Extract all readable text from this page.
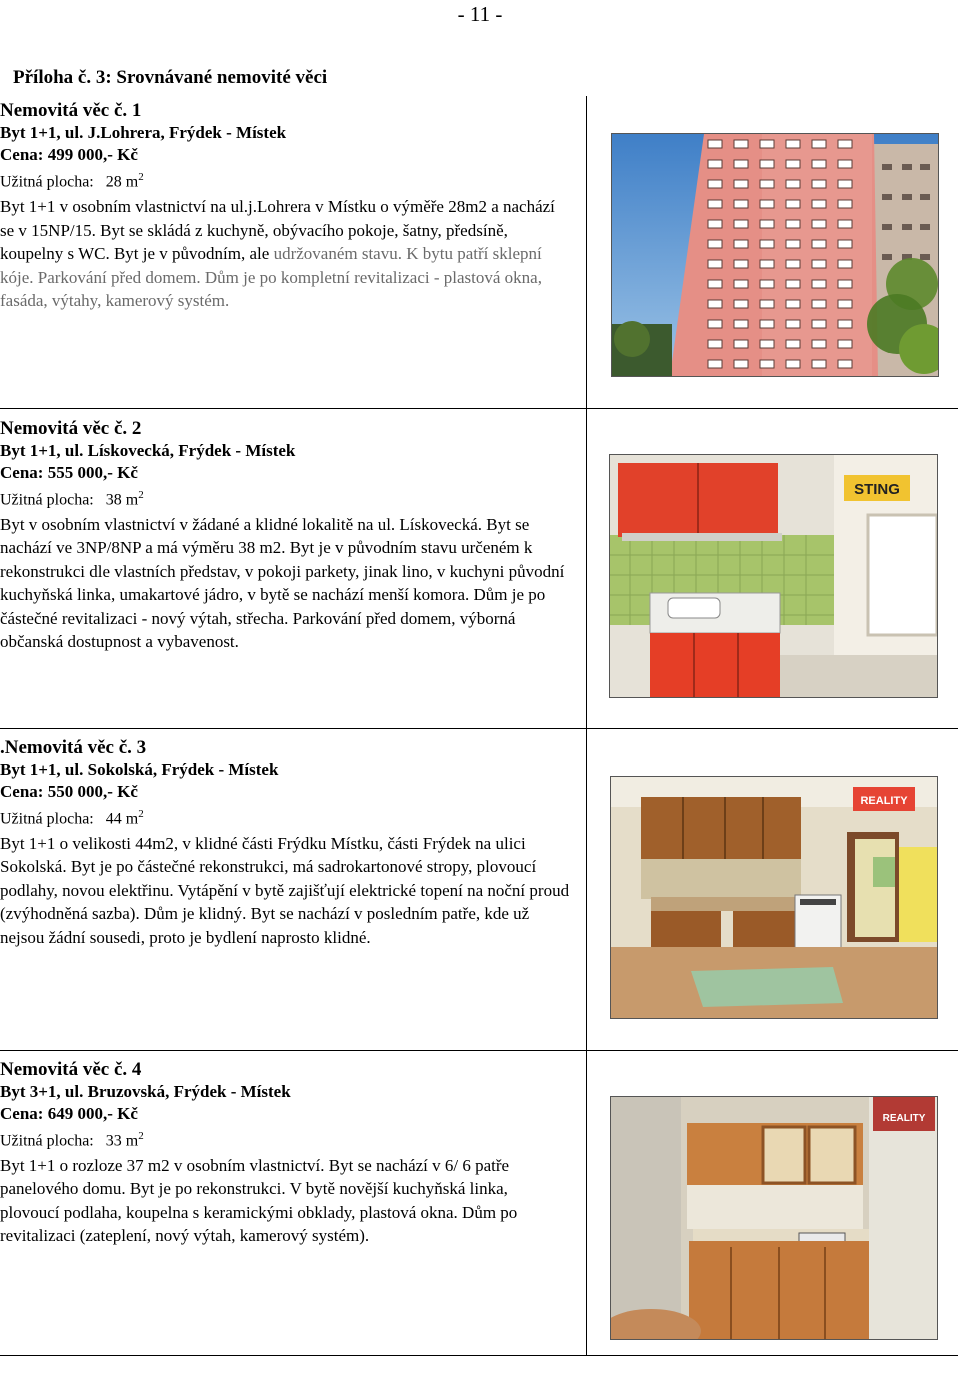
- 11 -
Příloha č. 3: Srovnávané nemovité věci
Nemovitá věc č. 1
Byt 1+1, ul. J.Lohrera, Frýdek - Místek
Cena: 499 000,- Kč
Užitná plocha: 28 $m^2$
Byt 1+1 v osobním vlastnictví na ul.j.Lohrera v Místku o výměře 28m2 a nachází se v 15NP/15. Byt se skládá z kuchyně, obývacího pokoje, šatny, předsíně, koupelny s WC. Byt je v původním, ale udržovaném stavu. K bytu patří sklepní kóje. Parkování před domem. Dům je po kompletní revitalizaci - plastová okna, fasáda, výtahy, kamerový systém.	

Nemovitá věc č. 2
Byt 1+1, ul. Lískovecká, Frýdek - Místek
Cena: 555 000,- Kč
Užitná plocha: 38 $m^2$
Byt v osobním vlastnictví v žádané a klidné lokalitě na ul. Lískovecká. Byt se nachází ve 3NP/8NP a má výměru 38 m2. Byt je v původním stavu určeném k rekonstrukci dle vlastních představ, v pokoji parkety, jinak lino, v kuchyni původní kuchyňská linka, umakartové jádro, v bytě se nachází menší komora. Dům je po částečné revitalizaci - nový výtah, střecha. Parkování před domem, výborná občanská dostupnost a vybavenost.	

.Nemovitá věc č. 3
Byt 1+1, ul. Sokolská, Frýdek - Místek
Cena: 550 000,- Kč
Užitná plocha: 44 $m^2$
Byt 1+1 o velikosti 44m2, v klidné části Frýdku Místku, části Frýdek na ulici Sokolská. Byt je po částečné rekonstrukci, má sadrokartonové stropy, plovoucí podlahy, novou elektřinu. Vytápění v bytě zajišťují elektrické topení na noční proud (zvýhodněná sazba). Dům je klidný. Byt se nachází v posledním patře, kde už nejsou žádní sousedi, proto je bydlení naprosto klidné.	

Nemovitá věc č. 4
Byt 3+1, ul. Bruzovská, Frýdek - Místek
Cena: 649 000,- Kč
Užitná plocha: 33 $m^2$
Byt 1+1 o rozloze 37 m2 v osobním vlastnictví. Byt se nachází v 6/ 6 patře panelového domu. Byt je po rekonstrukci. V bytě novější kuchyňská linka, plovoucí podlaha, koupelna s keramickými obklady, plastová okna. Dům po revitalizaci (zateplení, nový výtah, kamerový systém).	

STING
REALITY
REALITY
